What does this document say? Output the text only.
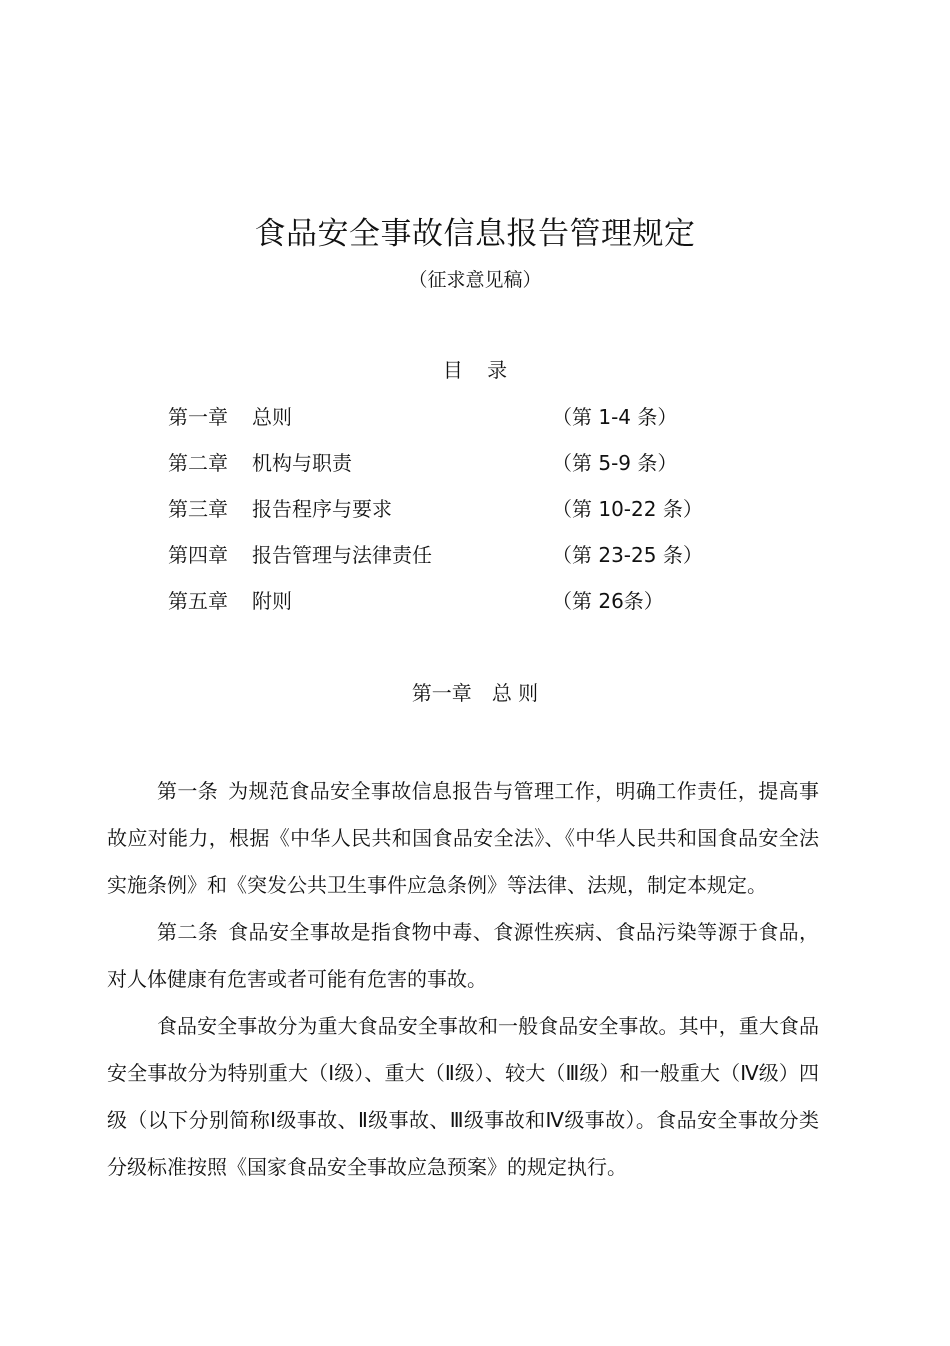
食品安全事故信息报告管理规定
（征求意见稿）
目 录
第一章 总则	（第 1-4 条）
第二章 机构与职责	（第 5-9 条）
第三章 报告程序与要求	（第 10-22 条）
第四章 报告管理与法律责任	（第 23-25 条）
第五章 附则	（第 26条）
第一章 总 则

第一条 为规范食品安全事故信息报告与管理工作，明确工作责任，提高事故应对能力，根据《中华人民共和国食品安全法》、《中华人民共和国食品安全法实施条例》和《突发公共卫生事件应急条例》等法律、法规，制定本规定。

第二条 食品安全事故是指食物中毒、食源性疾病、食品污染等源于食品，对人体健康有危害或者可能有危害的事故。

食品安全事故分为重大食品安全事故和一般食品安全事故。其中，重大食品安全事故分为特别重大（Ⅰ级）、重大（Ⅱ级）、较大（Ⅲ级）和一般重大（Ⅳ级）四级（以下分别简称Ⅰ级事故、Ⅱ级事故、Ⅲ级事故和Ⅳ级事故）。食品安全事故分类分级标准按照《国家食品安全事故应急预案》的规定执行。
